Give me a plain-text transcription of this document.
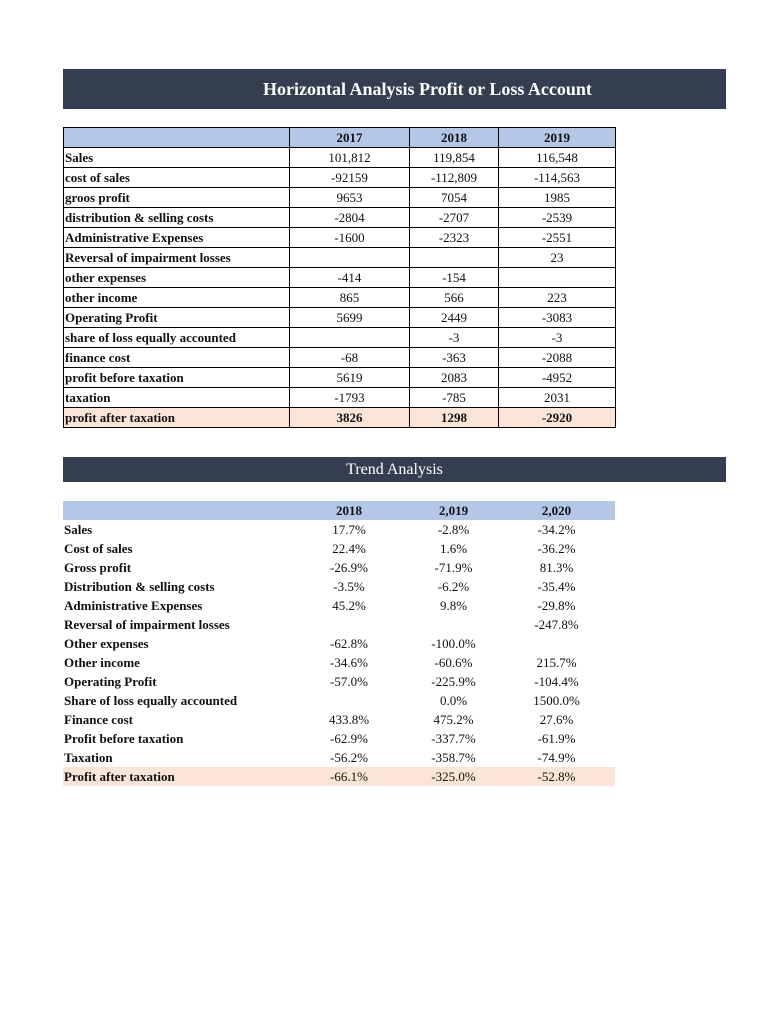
Horizontal Analysis Profit or Loss Account
	2017	2018	2019
Sales	101,812	119,854	116,548
cost of sales	-92159	-112,809	-114,563
groos profit	9653	7054	1985
distribution & selling costs	-2804	-2707	-2539
Administrative Expenses	-1600	-2323	-2551
Reversal of impairment losses			23
other expenses	-414	-154	
other income	865	566	223
Operating Profit	5699	2449	-3083
share of loss equally accounted		-3	-3
finance cost	-68	-363	-2088
profit before taxation	5619	2083	-4952
taxation	-1793	-785	2031
profit after taxation	3826	1298	-2920
Trend Analysis
	2018	2,019	2,020
Sales	17.7%	-2.8%	-34.2%
Cost of sales	22.4%	1.6%	-36.2%
Gross profit	-26.9%	-71.9%	81.3%
Distribution & selling costs	-3.5%	-6.2%	-35.4%
Administrative Expenses	45.2%	9.8%	-29.8%
Reversal of impairment losses			-247.8%
Other expenses	-62.8%	-100.0%	
Other income	-34.6%	-60.6%	215.7%
Operating Profit	-57.0%	-225.9%	-104.4%
Share of loss equally accounted		0.0%	1500.0%
Finance cost	433.8%	475.2%	27.6%
Profit before taxation	-62.9%	-337.7%	-61.9%
Taxation	-56.2%	-358.7%	-74.9%
Profit after taxation	-66.1%	-325.0%	-52.8%
